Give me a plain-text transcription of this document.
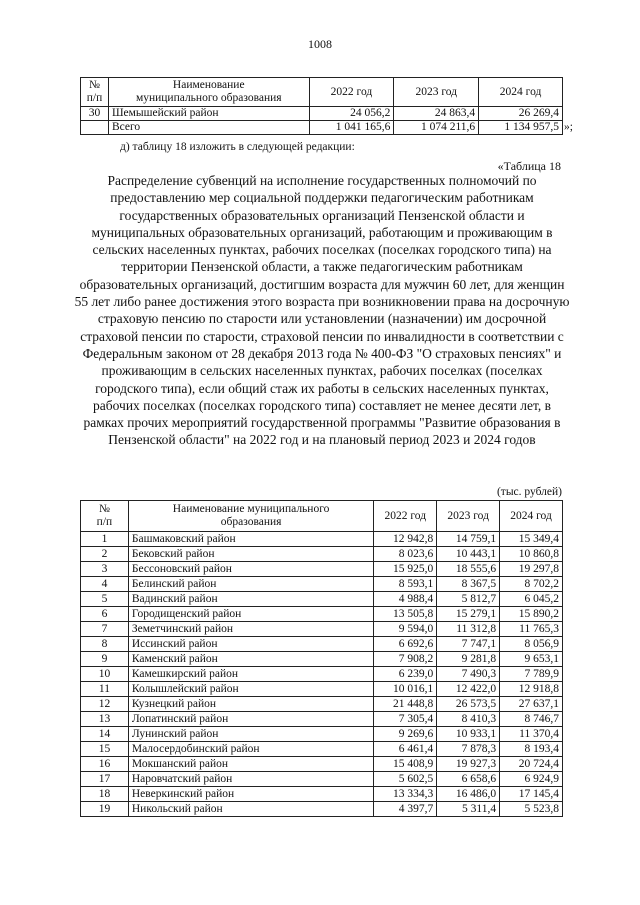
1008
№
п/п	Наименование
муниципального образования	2022 год	2023 год	2024 год
30	Шемышейский район	24 056,2	24 863,4	26 269,4
	Всего	1 041 165,6	1 074 211,6	1 134 957,5 »;
д) таблицу 18 изложить в следующей редакции:
«Таблица 18
Распределение субвенций на исполнение государственных полномочий по предоставлению мер социальной поддержки педагогическим работникам государственных образовательных организаций Пензенской области и муниципальных образовательных организаций, работающим и проживающим в сельских населенных пунктах, рабочих поселках (поселках городского типа) на территории Пензенской области, а также педагогическим работникам образовательных организаций, достигшим возраста для мужчин 60 лет, для женщин 55 лет либо ранее достижения этого возраста при возникновении права на досрочную страховую пенсию по старости или установлении (назначении) им досрочной страховой пенсии по старости, страховой пенсии по инвалидности в соответствии с Федеральным законом от 28 декабря 2013 года № 400-ФЗ "О страховых пенсиях" и проживающим в сельских населенных пунктах, рабочих поселках (поселках городского типа), если общий стаж их работы в сельских населенных пунктах, рабочих поселках (поселках городского типа) составляет не менее десяти лет, в рамках прочих мероприятий государственной программы "Развитие образования в Пензенской области" на 2022 год и на плановый период 2023 и 2024 годов
(тыс. рублей)
№
п/п	Наименование муниципального
образования	2022 год	2023 год	2024 год
1	Башмаковский район	12 942,8	14 759,1	15 349,4
2	Бековский район	8 023,6	10 443,1	10 860,8
3	Бессоновский район	15 925,0	18 555,6	19 297,8
4	Белинский район	8 593,1	8 367,5	8 702,2
5	Вадинский район	4 988,4	5 812,7	6 045,2
6	Городищенский район	13 505,8	15 279,1	15 890,2
7	Земетчинский район	9 594,0	11 312,8	11 765,3
8	Иссинский район	6 692,6	7 747,1	8 056,9
9	Каменский район	7 908,2	9 281,8	9 653,1
10	Камешкирский район	6 239,0	7 490,3	7 789,9
11	Колышлейский район	10 016,1	12 422,0	12 918,8
12	Кузнецкий район	21 448,8	26 573,5	27 637,1
13	Лопатинский район	7 305,4	8 410,3	8 746,7
14	Лунинский район	9 269,6	10 933,1	11 370,4
15	Малосердобинский район	6 461,4	7 878,3	8 193,4
16	Мокшанский район	15 408,9	19 927,3	20 724,4
17	Наровчатский район	5 602,5	6 658,6	6 924,9
18	Неверкинский район	13 334,3	16 486,0	17 145,4
19	Никольский район	4 397,7	5 311,4	5 523,8
